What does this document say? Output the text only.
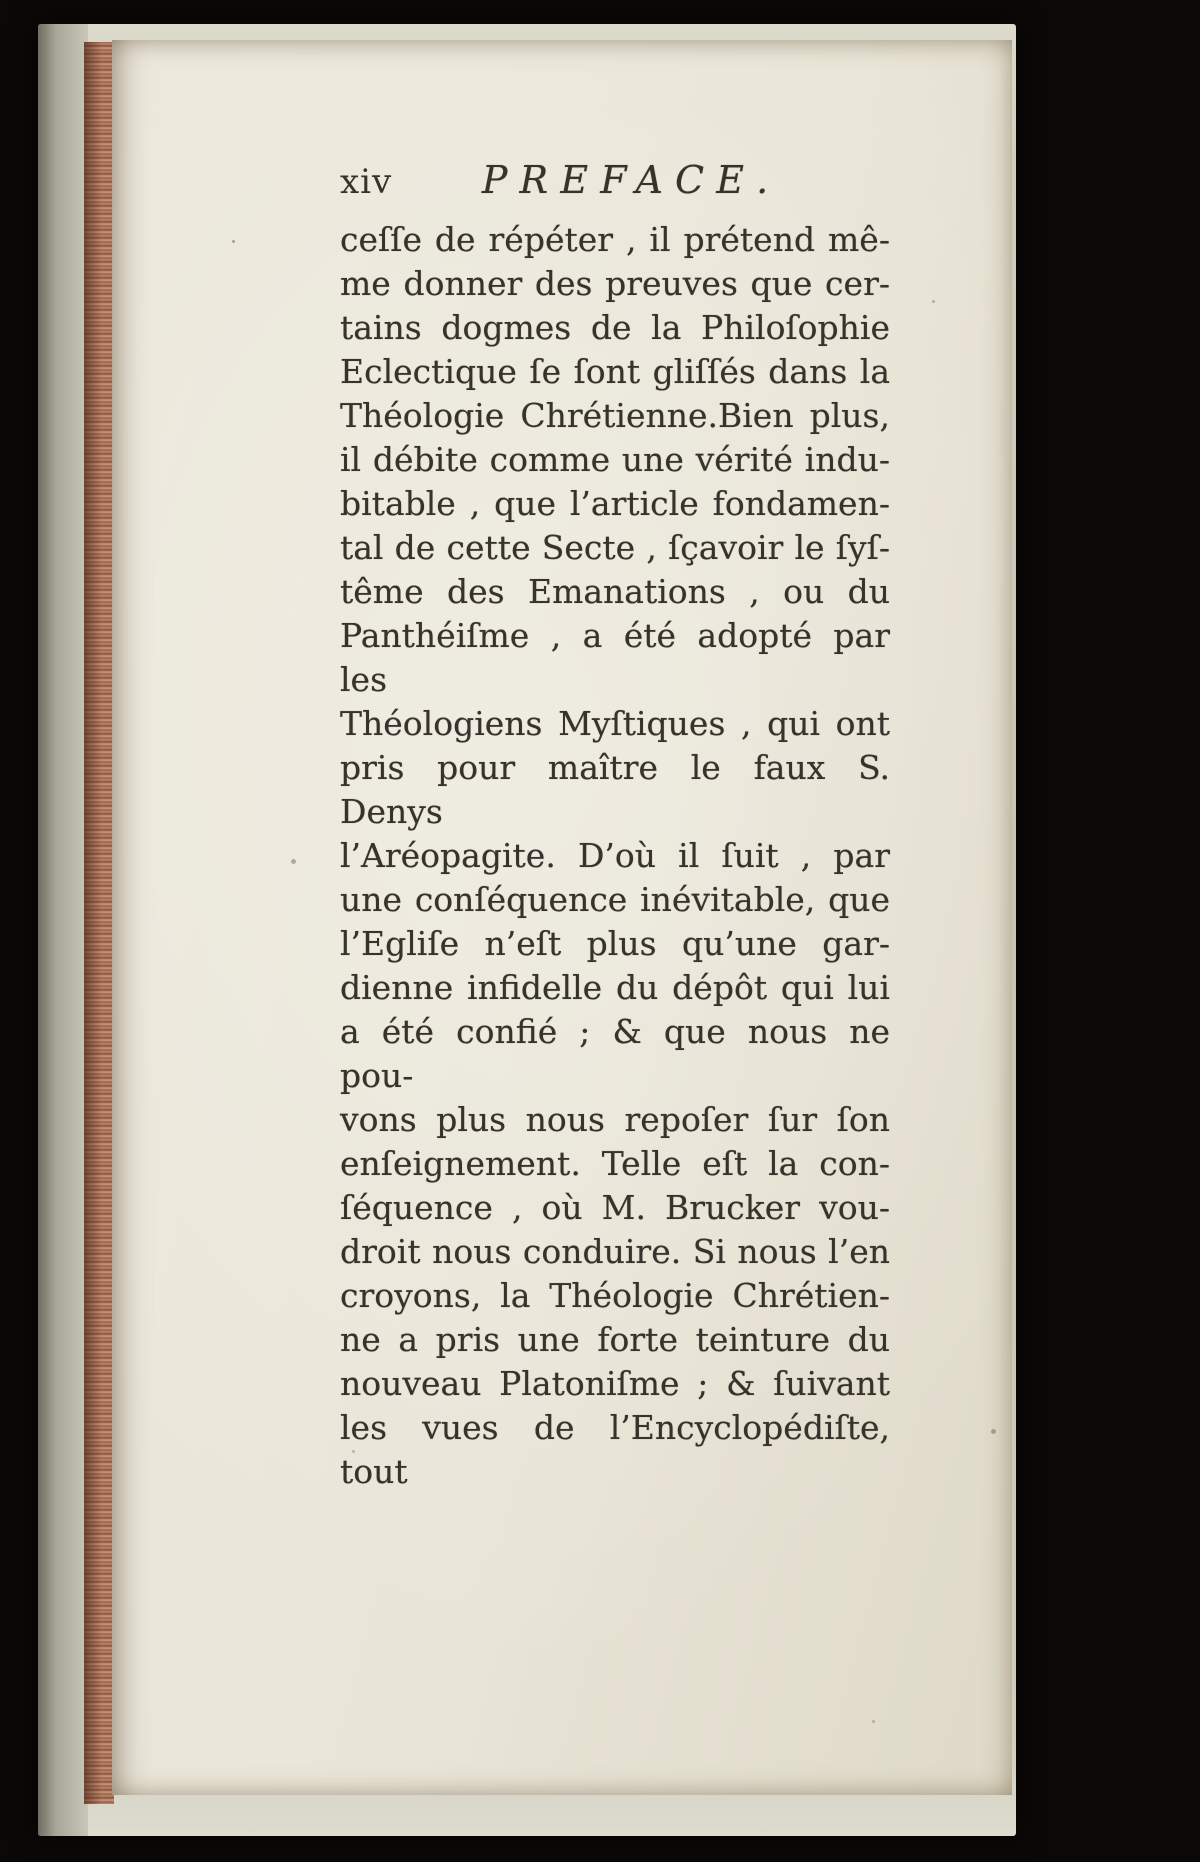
xiv	PREFACE.
ceſſe de répéter , il prétend mê-
me donner des preuves que cer-
tains dogmes de la Philoſophie
Eclectique ſe ſont gliſſés dans la
Théologie Chrétienne.Bien plus,
il débite comme une vérité indu-
bitable , que l’article fondamen-
tal de cette Secte , ſçavoir le ſyſ-
tême des Emanations , ou du
Panthéiſme , a été adopté par les
Théologiens Myſtiques , qui ont
pris pour maître le faux S. Denys
l’Aréopagite. D’où il ſuit , par
une conſéquence inévitable, que
l’Egliſe n’eſt plus qu’une gar-
dienne infidelle du dépôt qui lui
a été confié ; & que nous ne pou-
vons plus nous repoſer ſur ſon
enſeignement. Telle eſt la con-
ſéquence , où M. Brucker vou-
droit nous conduire. Si nous l’en
croyons, la Théologie Chrétien-
ne a pris une forte teinture du
nouveau Platoniſme ; & ſuivant
les vues de l’Encyclopédiſte, tout
